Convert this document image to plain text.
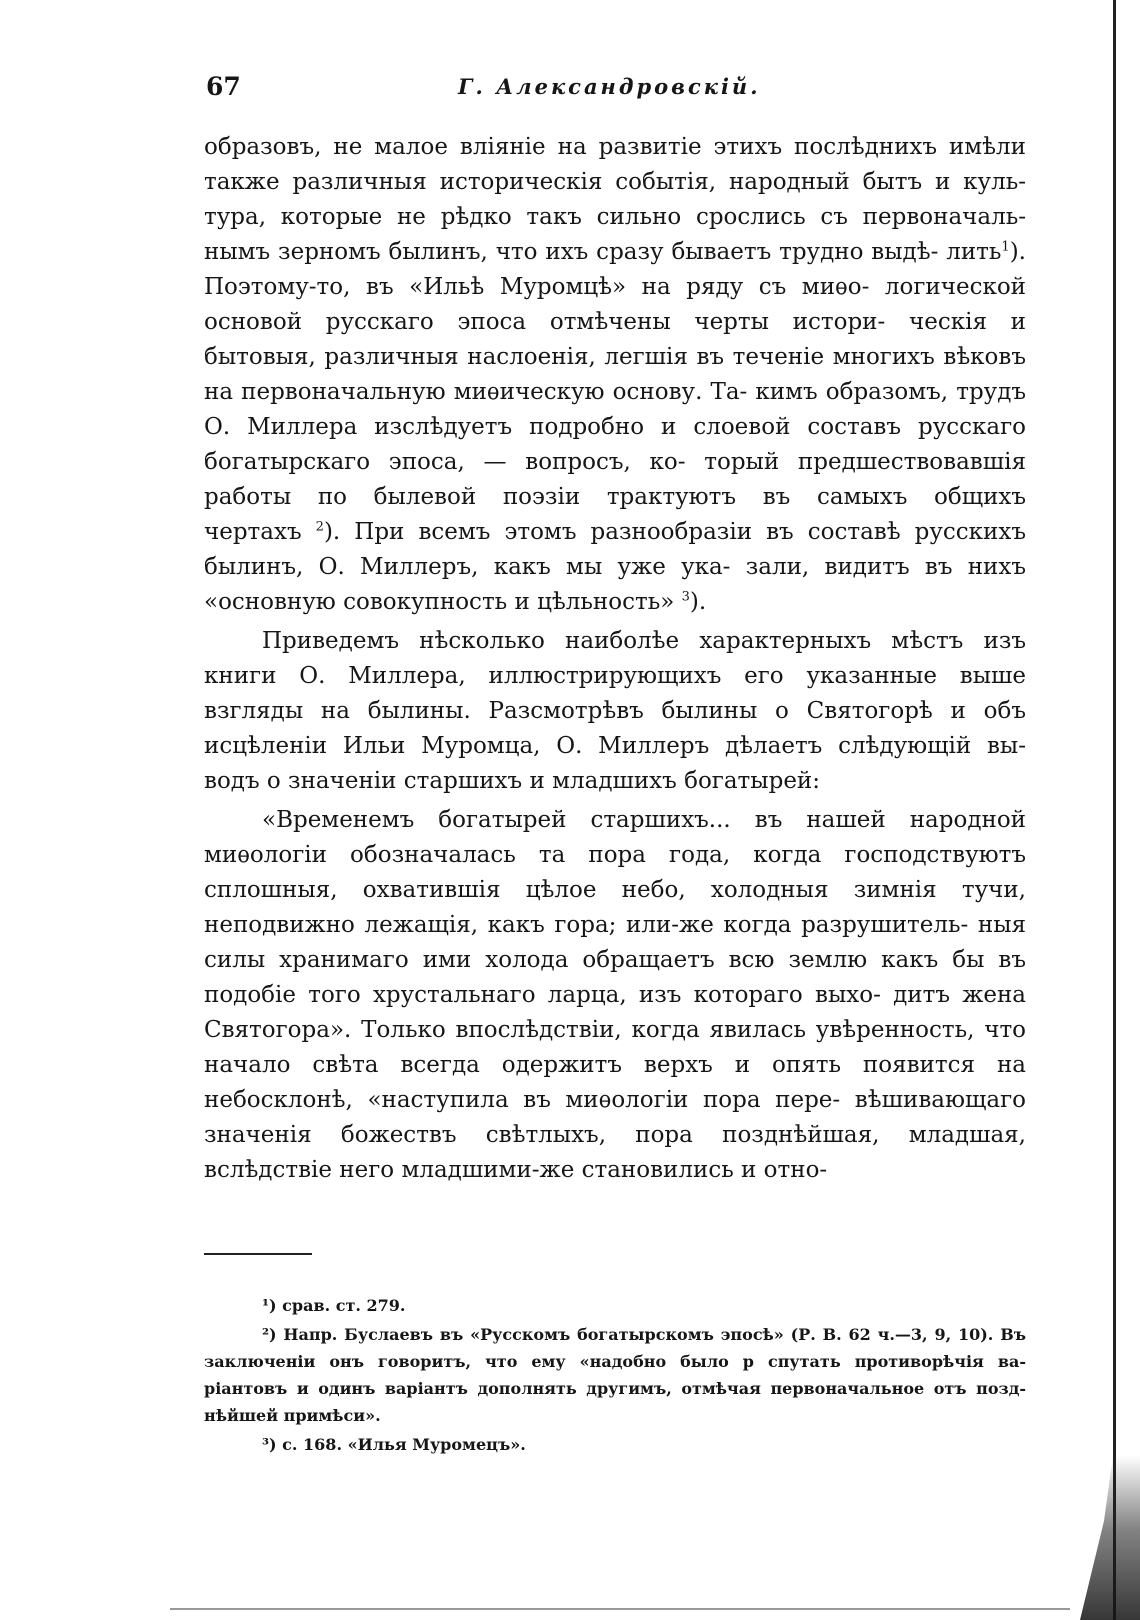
67	Г. Александровскій.

образовъ, не малое вліяніе на развитіе этихъ послѣднихъ имѣли также различныя историческія событія, народный бытъ и куль- тура, которые не рѣдко такъ сильно срослись съ первоначаль- нымъ зерномъ былинъ, что ихъ сразу бываетъ трудно выдѣ- лить$^1$). Поэтому-то, въ «Ильѣ Муромцѣ» на ряду съ миѳо- логической основой русскаго эпоса отмѣчены черты истори- ческія и бытовыя, различныя наслоенія, легшія въ теченіе многихъ вѣковъ на первоначальную миѳическую основу. Та- кимъ образомъ, трудъ О. Миллера изслѣдуетъ подробно и слоевой составъ русскаго богатырскаго эпоса, — вопросъ, ко- торый предшествовавшія работы по былевой поэзіи трактуютъ въ самыхъ общихъ чертахъ $^2$). При всемъ этомъ разнообразіи въ составѣ русскихъ былинъ, О. Миллеръ, какъ мы уже ука- зали, видитъ въ нихъ «основную совокупность и цѣльность» $^3$).

Приведемъ нѣсколько наиболѣе характерныхъ мѣстъ изъ книги О. Миллера, иллюстрирующихъ его указанные выше взгляды на былины. Разсмотрѣвъ былины о Святогорѣ и объ исцѣленіи Ильи Муромца, О. Миллеръ дѣлаетъ слѣдующій вы- водъ о значеніи старшихъ и младшихъ богатырей:

«Временемъ богатырей старшихъ... въ нашей народной миѳологіи обозначалась та пора года, когда господствуютъ сплошныя, охватившія цѣлое небо, холодныя зимнія тучи, неподвижно лежащія, какъ гора; или-же когда разрушитель- ныя силы хранимаго ими холода обращаетъ всю землю какъ бы въ подобіе того хрустальнаго ларца, изъ котораго выхо- дитъ жена Святогора». Только впослѣдствіи, когда явилась увѣренность, что начало свѣта всегда одержитъ верхъ и опять появится на небосклонѣ, «наступила въ миѳологіи пора пере- вѣшивающаго значенія божествъ свѣтлыхъ, пора позднѣйшая, младшая, вслѣдствіе него младшими-же становились и отно-

¹) срав. ст. 279.

²) Напр. Буслаевъ въ «Русскомъ богатырскомъ эпосѣ» (Р. В. 62 ч.—3, 9, 10). Въ заключеніи онъ говоритъ, что ему «надобно было р спутать противорѣчія ва- ріантовъ и одинъ варіантъ дополнять другимъ, отмѣчая первоначальное отъ позд- нѣйшей примѣси».

³) с. 168. «Илья Муромецъ».
